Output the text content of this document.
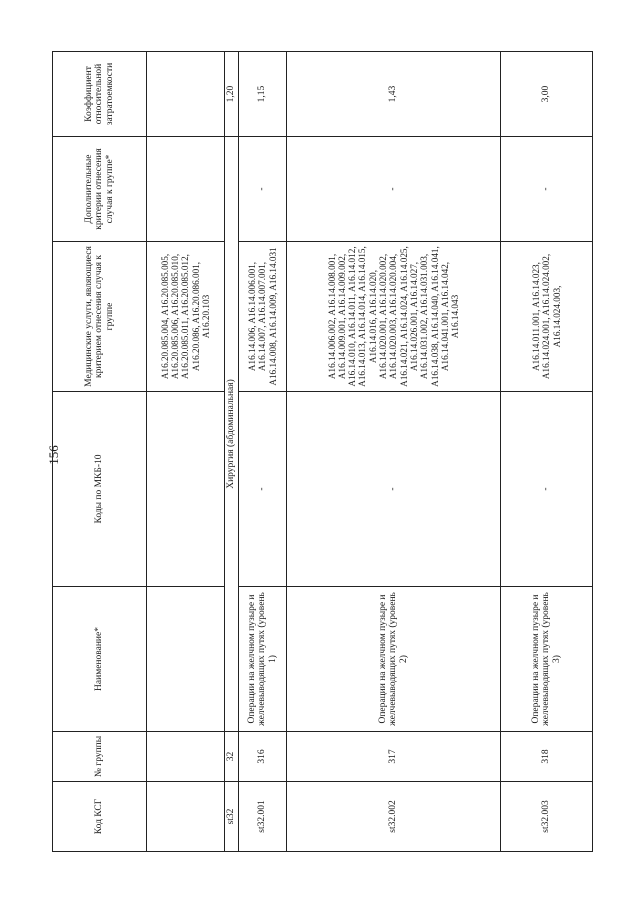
156
Код КСГ	№ группы	Наименование*	Коды по МКБ-10	Медицинские услуги, являющиеся критерием отнесения случая к группе	Дополнительные критерии отнесения случая к группе*	Коэффициент относительной затратоемкости
				A16.20.085.004, A16.20.085.005, A16.20.085.006, A16.20.085.010, A16.20.085.011, A16.20.085.012, A16.20.086, A16.20.086.001, A16.20.103		
st32	32	Хирургия (абдоминальная)				1,20
st32.001	316	Операции на желчном пузыре и желчевыводящих путях (уровень 1)	-	A16.14.006, A16.14.006.001, A16.14.007, A16.14.007.001, A16.14.008, A16.14.009, A16.14.031	-	1,15
st32.002	317	Операции на желчном пузыре и желчевыводящих путях (уровень 2)	-	A16.14.006.002, A16.14.008.001, A16.14.009.001, A16.14.009.002, A16.14.010, A16.14.011, A16.14.012, A16.14.013, A16.14.014, A16.14.015, A16.14.016, A16.14.020, A16.14.020.001, A16.14.020.002, A16.14.020.003, A16.14.020.004, A16.14.021, A16.14.024, A16.14.025, A16.14.026.001, A16.14.027, A16.14.031.002, A16.14.031.003, A16.14.038, A16.14.040, A16.14.041, A16.14.041.001, A16.14.042, A16.14.043	-	1,43
st32.003	318	Операции на желчном пузыре и желчевыводящих путях (уровень 3)	-	A16.14.011.001, A16.14.023, A16.14.024.001, A16.14.024.002, A16.14.024.003,	-	3,00
